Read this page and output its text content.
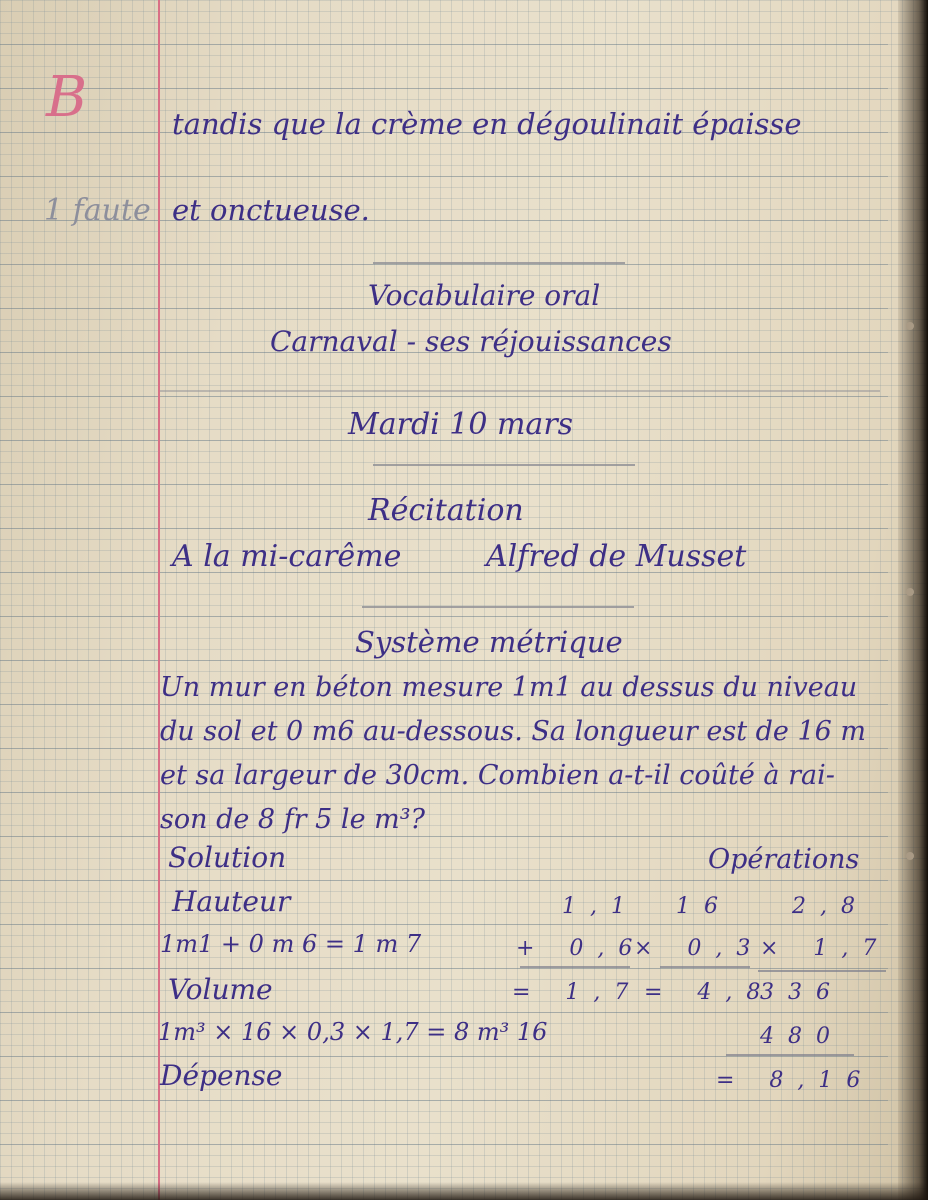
B
1 faute
tandis que la crème en dégoulinait épaisse
et onctueuse.
Vocabulaire oral
Carnaval - ses réjouissances
Mardi 10 mars
Récitation
A la mi-carême	Alfred de Musset
Système métrique
Un mur en béton mesure 1m1 au dessus du niveau
du sol et 0 m6 au-dessous. Sa longueur est de 16 m
et sa largeur de 30cm. Combien a-t-il coûté à rai-
son de 8 fr 5 le m³?
Solution
Hauteur
1m1 + 0 m 6 = 1 m 7
Volume
1m³ × 16 × 0,3 × 1,7 = 8 m³ 16
Dépense
Opérations
1,1
+ 0,6
= 1,7
16
× 0,3
= 4,8
2,8
× 1,7
336
480
= 8,16
